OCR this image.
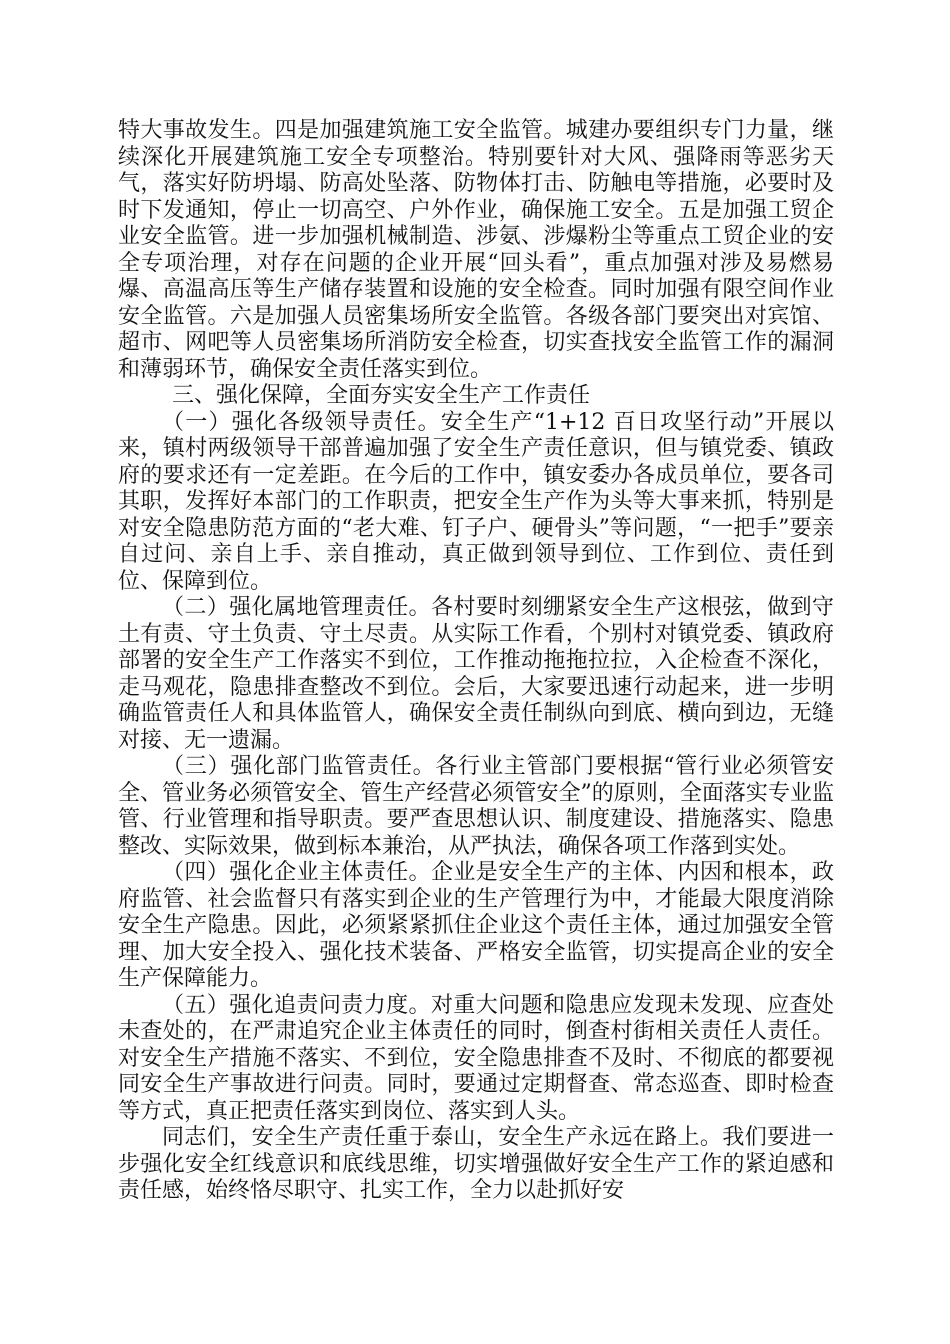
特大事故发生。四是加强建筑施工安全监管。城建办要组织专门力量，继续深化开展建筑施工安全专项整治。特别要针对大风、强降雨等恶劣天气，落实好防坍塌、防高处坠落、防物体打击、防触电等措施，必要时及时下发通知，停止一切高空、户外作业，确保施工安全。五是加强工贸企业安全监管。进一步加强机械制造、涉氨、涉爆粉尘等重点工贸企业的安全专项治理，对存在问题的企业开展“回头看”，重点加强对涉及易燃易爆、高温高压等生产储存装置和设施的安全检查。同时加强有限空间作业安全监管。六是加强人员密集场所安全监管。各级各部门要突出对宾馆、超市、网吧等人员密集场所消防安全检查，切实查找安全监管工作的漏洞和薄弱环节，确保安全责任落实到位。

三、强化保障，全面夯实安全生产工作责任

（一）强化各级领导责任。安全生产“1+12 百日攻坚行动”开展以来，镇村两级领导干部普遍加强了安全生产责任意识，但与镇党委、镇政府的要求还有一定差距。在今后的工作中，镇安委办各成员单位，要各司其职，发挥好本部门的工作职责，把安全生产作为头等大事来抓，特别是对安全隐患防范方面的“老大难、钉子户、硬骨头”等问题，“一把手”要亲自过问、亲自上手、亲自推动，真正做到领导到位、工作到位、责任到位、保障到位。

（二）强化属地管理责任。各村要时刻绷紧安全生产这根弦，做到守土有责、守土负责、守土尽责。从实际工作看，个别村对镇党委、镇政府部署的安全生产工作落实不到位，工作推动拖拖拉拉，入企检查不深化，走马观花，隐患排查整改不到位。会后，大家要迅速行动起来，进一步明确监管责任人和具体监管人，确保安全责任制纵向到底、横向到边，无缝对接、无一遗漏。

（三）强化部门监管责任。各行业主管部门要根据“管行业必须管安全、管业务必须管安全、管生产经营必须管安全”的原则，全面落实专业监管、行业管理和指导职责。要严查思想认识、制度建设、措施落实、隐患整改、实际效果，做到标本兼治，从严执法，确保各项工作落到实处。

（四）强化企业主体责任。企业是安全生产的主体、内因和根本，政府监管、社会监督只有落实到企业的生产管理行为中，才能最大限度消除安全生产隐患。因此，必须紧紧抓住企业这个责任主体，通过加强安全管理、加大安全投入、强化技术装备、严格安全监管，切实提高企业的安全生产保障能力。

（五）强化追责问责力度。对重大问题和隐患应发现未发现、应查处未查处的，在严肃追究企业主体责任的同时，倒查村街相关责任人责任。对安全生产措施不落实、不到位，安全隐患排查不及时、不彻底的都要视同安全生产事故进行问责。同时，要通过定期督查、常态巡查、即时检查等方式，真正把责任落实到岗位、落实到人头。

同志们，安全生产责任重于泰山，安全生产永远在路上。我们要进一步强化安全红线意识和底线思维，切实增强做好安全生产工作的紧迫感和责任感，始终恪尽职守、扎实工作，全力以赴抓好安
